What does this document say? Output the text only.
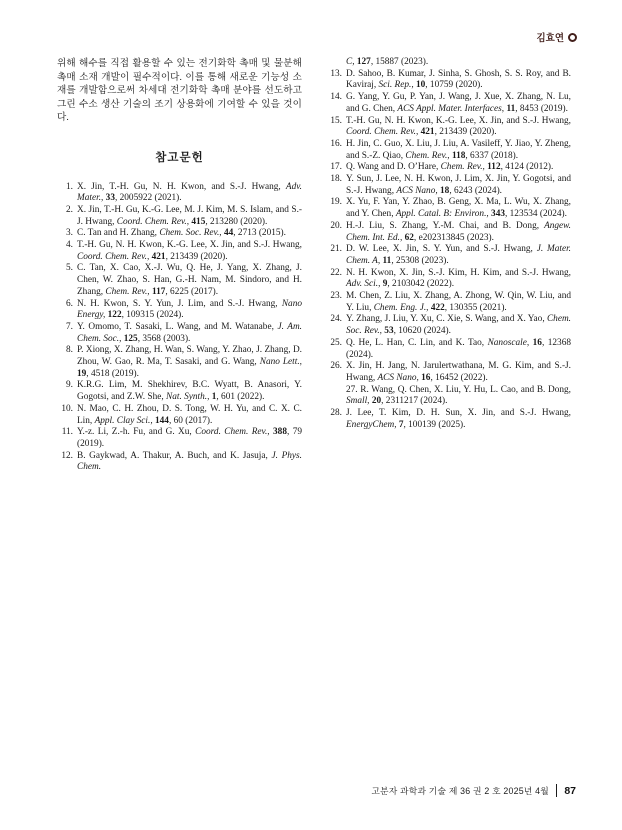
김효연
위해 해수를 직접 활용할 수 있는 전기화학 촉매 및 물분해 촉매 소재 개발이 필수적이다. 이를 통해 새로운 기능성 소재를 개발함으로써 차세대 전기화학 촉매 분야를 선도하고 그린 수소 생산 기술의 조기 상용화에 기여할 수 있을 것이다.
참고문헌
1. X. Jin, T.-H. Gu, N. H. Kwon, and S.-J. Hwang, Adv. Mater., 33, 2005922 (2021).
2. X. Jin, T.-H. Gu, K.-G. Lee, M. J. Kim, M. S. Islam, and S.-J. Hwang, Coord. Chem. Rev., 415, 213280 (2020).
3. C. Tan and H. Zhang, Chem. Soc. Rev., 44, 2713 (2015).
4. T.-H. Gu, N. H. Kwon, K.-G. Lee, X. Jin, and S.-J. Hwang, Coord. Chem. Rev., 421, 213439 (2020).
5. C. Tan, X. Cao, X.-J. Wu, Q. He, J. Yang, X. Zhang, J. Chen, W. Zhao, S. Han, G.-H. Nam, M. Sindoro, and H. Zhang, Chem. Rev., 117, 6225 (2017).
6. N. H. Kwon, S. Y. Yun, J. Lim, and S.-J. Hwang, Nano Energy, 122, 109315 (2024).
7. Y. Omomo, T. Sasaki, L. Wang, and M. Watanabe, J. Am. Chem. Soc., 125, 3568 (2003).
8. P. Xiong, X. Zhang, H. Wan, S. Wang, Y. Zhao, J. Zhang, D. Zhou, W. Gao, R. Ma, T. Sasaki, and G. Wang, Nano Lett., 19, 4518 (2019).
9. K.R.G. Lim, M. Shekhirev, B.C. Wyatt, B. Anasori, Y. Gogotsi, and Z.W. She, Nat. Synth., 1, 601 (2022).
10. N. Mao, C. H. Zhou, D. S. Tong, W. H. Yu, and C. X. C. Lin, Appl. Clay Sci., 144, 60 (2017).
11. Y.-z. Li, Z.-h. Fu, and G. Xu, Coord. Chem. Rev., 388, 79 (2019).
12. B. Gaykwad, A. Thakur, A. Buch, and K. Jasuja, J. Phys. Chem.
C, 127, 15887 (2023).
13. D. Sahoo, B. Kumar, J. Sinha, S. Ghosh, S. S. Roy, and B. Kaviraj, Sci. Rep., 10, 10759 (2020).
14. G. Yang, Y. Gu, P. Yan, J. Wang, J. Xue, X. Zhang, N. Lu, and G. Chen, ACS Appl. Mater. Interfaces, 11, 8453 (2019).
15. T.-H. Gu, N. H. Kwon, K.-G. Lee, X. Jin, and S.-J. Hwang, Coord. Chem. Rev., 421, 213439 (2020).
16. H. Jin, C. Guo, X. Liu, J. Liu, A. Vasileff, Y. Jiao, Y. Zheng, and S.-Z. Qiao, Chem. Rev., 118, 6337 (2018).
17. Q. Wang and D. O’Hare, Chem. Rev., 112, 4124 (2012).
18. Y. Sun, J. Lee, N. H. Kwon, J. Lim, X. Jin, Y. Gogotsi, and S.-J. Hwang, ACS Nano, 18, 6243 (2024).
19. X. Yu, F. Yan, Y. Zhao, B. Geng, X. Ma, L. Wu, X. Zhang, and Y. Chen, Appl. Catal. B: Environ., 343, 123534 (2024).
20. H.-J. Liu, S. Zhang, Y.-M. Chai, and B. Dong, Angew. Chem. Int. Ed., 62, e202313845 (2023).
21. D. W. Lee, X. Jin, S. Y. Yun, and S.-J. Hwang, J. Mater. Chem. A, 11, 25308 (2023).
22. N. H. Kwon, X. Jin, S.-J. Kim, H. Kim, and S.-J. Hwang, Adv. Sci., 9, 2103042 (2022).
23. M. Chen, Z. Liu, X. Zhang, A. Zhong, W. Qin, W. Liu, and Y. Liu, Chem. Eng. J., 422, 130355 (2021).
24. Y. Zhang, J. Liu, Y. Xu, C. Xie, S. Wang, and X. Yao, Chem. Soc. Rev., 53, 10620 (2024).
25. Q. He, L. Han, C. Lin, and K. Tao, Nanoscale, 16, 12368 (2024).
26. X. Jin, H. Jang, N. Jarulertwathana, M. G. Kim, and S.-J. Hwang, ACS Nano, 16, 16452 (2022).
27. R. Wang, Q. Chen, X. Liu, Y. Hu, L. Cao, and B. Dong, Small, 20, 2311217 (2024).
28. J. Lee, T. Kim, D. H. Sun, X. Jin, and S.-J. Hwang, EnergyChem, 7, 100139 (2025).
고분자 과학과 기술 제 36 권 2 호 2025년 4월 87
